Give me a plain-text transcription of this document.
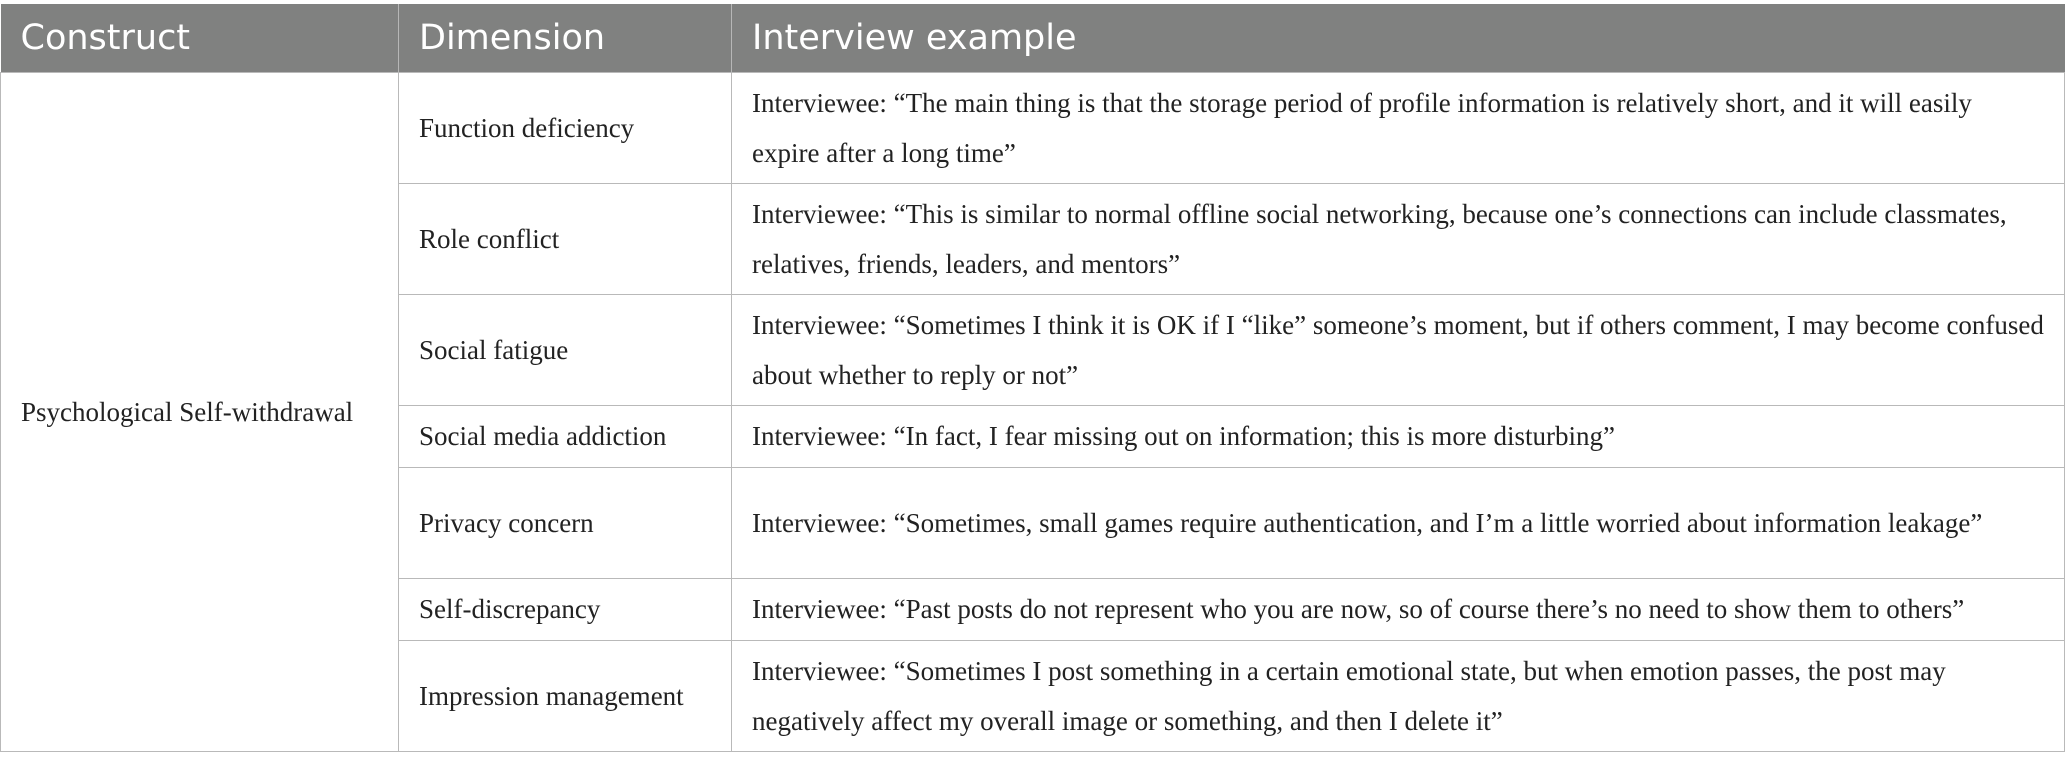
Construct	Dimension	Interview example
Psychological Self-withdrawal	Function deficiency	Interviewee: “The main thing is that the storage period of profile information is relatively short, and it will easily expire after a long time”
	Role conflict	Interviewee: “This is similar to normal offline social networking, because one’s connections can include classmates, relatives, friends, leaders, and mentors”
	Social fatigue	Interviewee: “Sometimes I think it is OK if I “like” someone’s moment, but if others comment, I may become confused about whether to reply or not”
	Social media addiction	Interviewee: “In fact, I fear missing out on information; this is more disturbing”
	Privacy concern	Interviewee: “Sometimes, small games require authentication, and I’m a little worried about information leakage”
	Self-discrepancy	Interviewee: “Past posts do not represent who you are now, so of course there’s no need to show them to others”
	Impression management	Interviewee: “Sometimes I post something in a certain emotional state, but when emotion passes, the post may negatively affect my overall image or something, and then I delete it”
